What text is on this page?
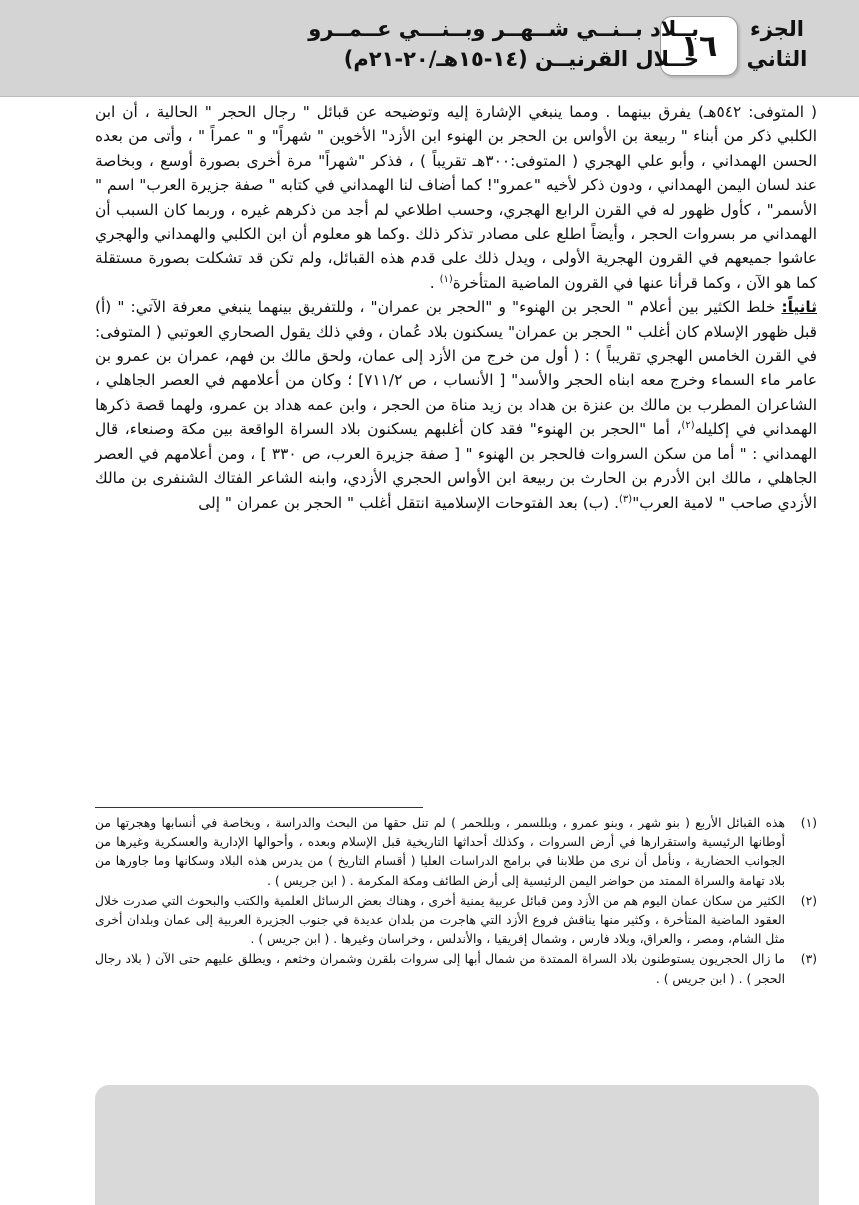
١٦
بــلاد بــنــي شــهــر وبــنـــي عــمــرو
خــلال القرنيــن (١٤-١٥هـ/٢٠-٢١م)
الجزء
الثاني

( المتوفى: ٥٤٢هـ) يفرق بينهما . ومما ينبغي الإشارة إليه وتوضيحه عن قبائل " رجال الحجر " الحالية ، أن ابن الكلبي ذكر من أبناء " ربيعة بن الأواس بن الحجر بن الهنوء ابن الأزد" الأخوين " شهراً" و " عمراً " ، وأتى من بعده الحسن الهمداني ، وأبو علي الهجري ( المتوفى:٣٠٠هـ تقريباً ) ، فذكر "شهراً" مرة أخرى بصورة أوسع ، وبخاصة عند لسان اليمن الهمداني ، ودون ذكر لأخيه "عمرو"! كما أضاف لنا الهمداني في كتابه " صفة جزيرة العرب" اسم " الأسمر" ، كأول ظهور له في القرن الرابع الهجري، وحسب اطلاعي لم أجد من ذكرهم غيره ، وربما كان السبب أن الهمداني مر بسروات الحجر ، وأيضاً اطلع على مصادر تذكر ذلك .وكما هو معلوم أن ابن الكلبي والهمداني والهجري عاشوا جميعهم في القرون الهجرية الأولى ، ويدل ذلك على قدم هذه القبائل، ولم تكن قد تشكلت بصورة مستقلة كما هو الآن ، وكما قرأنا عنها في القرون الماضية المتأخرة$^{(١)}$ .

ثانياً: خلط الكثير بين أعلام " الحجر بن الهنوء" و "الحجر بن عمران" ، وللتفريق بينهما ينبغي معرفة الآتي: " (أ) قبل ظهور الإسلام كان أغلب " الحجر بن عمران" يسكنون بلاد عُمان ، وفي ذلك يقول الصحاري العوتبي ( المتوفى: في القرن الخامس الهجري تقريباً ) : ( أول من خرج من الأزد إلى عمان، ولحق مالك بن فهم، عمران بن عمرو بن عامر ماء السماء وخرج معه ابناه الحجر والأسد" [ الأنساب ، ص ٧١١/٢] ؛ وكان من أعلامهم في العصر الجاهلي ، الشاعران المطرب بن مالك بن عنزة بن هداد بن زيد مناة من الحجر ، وابن عمه هداد بن عمرو، ولهما قصة ذكرها الهمداني في إكليله$^{(٢)}$، أما "الحجر بن الهنوء" فقد كان أغلبهم يسكنون بلاد السراة الواقعة بين مكة وصنعاء، قال الهمداني : " أما من سكن السروات فالحجر بن الهنوء " [ صفة جزيرة العرب، ص ٣٣٠ ] ، ومن أعلامهم في العصر الجاهلي ، مالك ابن الأدرم بن الحارث بن ربيعة ابن الأواس الحجري الأزدي، وابنه الشاعر الفتاك الشنفرى بن مالك الأزدي صاحب " لامية العرب"$^{(٣)}$. (ب) بعد الفتوحات الإسلامية انتقل أغلب " الحجر بن عمران " إلى

(١)
هذه القبائل الأربع ( بنو شهر ، وبنو عمرو ، وبللسمر ، وبللحمر ) لم تنل حقها من البحث والدراسة ، وبخاصة في أنسابها وهجرتها من أوطانها الرئيسية واستقرارها في أرض السروات ، وكذلك أحداثها التاريخية قبل الإسلام وبعده ، وأحوالها الإدارية والعسكرية وغيرها من الجوانب الحضارية ، ونأمل أن نرى من طلابنا في برامج الدراسات العليا ( أقسام التاريخ ) من يدرس هذه البلاد وسكانها وما جاورها من بلاد تهامة والسراة الممتد من حواضر اليمن الرئيسية إلى أرض الطائف ومكة المكرمة . ( ابن جريس ) .
(٢)
الكثير من سكان عمان اليوم هم من الأزد ومن قبائل عربية يمنية أخرى ، وهناك بعض الرسائل العلمية والكتب والبحوث التي صدرت خلال العقود الماضية المتأخرة ، وكثير منها يناقش فروع الأزد التي هاجرت من بلدان عديدة في جنوب الجزيرة العربية إلى عمان وبلدان أخرى مثل الشام، ومصر ، والعراق، وبلاد فارس ، وشمال إفريقيا ، والأندلس ، وخراسان وغيرها . ( ابن جريس ) .
(٣)
ما زال الحجريون يستوطنون بلاد السراة الممتدة من شمال أبها إلى سروات بلقرن وشمران وخثعم ، ويطلق عليهم حتى الآن ( بلاد رجال الحجر ) . ( ابن جريس ) .
